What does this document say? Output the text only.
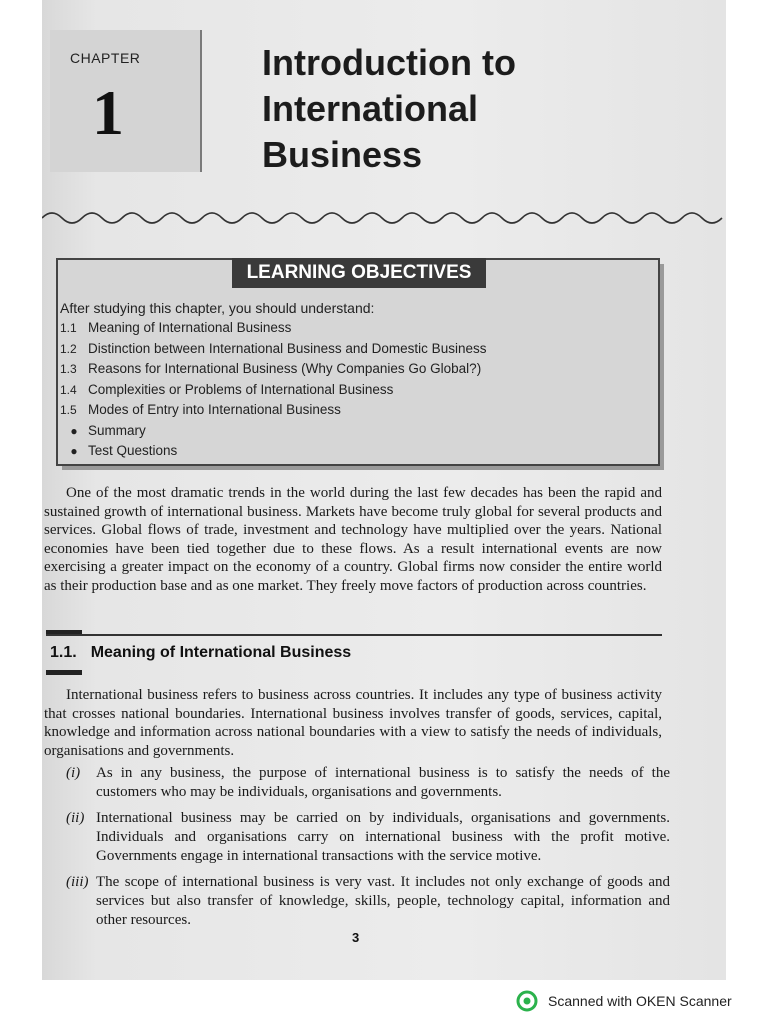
CHAPTER
1
Introduction to
International
Business
LEARNING OBJECTIVES
After studying this chapter, you should understand:
1.1 Meaning of International Business
1.2 Distinction between International Business and Domestic Business
1.3 Reasons for International Business (Why Companies Go Global?)
1.4 Complexities or Problems of International Business
1.5 Modes of Entry into International Business
● Summary
● Test Questions

One of the most dramatic trends in the world during the last few decades has been the rapid and sustained growth of international business. Markets have become truly global for several products and services. Global flows of trade, investment and technology have multiplied over the years. National economies have been tied together due to these flows. As a result international events are now exercising a greater impact on the economy of a country. Global firms now consider the entire world as their production base and as one market. They freely move factors of production across countries.

1.1. Meaning of International Business

International business refers to business across countries. It includes any type of business activity that crosses national boundaries. International business involves transfer of goods, services, capital, knowledge and information across national boundaries with a view to satisfy the needs of individuals, organisations and governments.

(i) As in any business, the purpose of international business is to satisfy the needs of the customers who may be individuals, organisations and governments.
(ii) International business may be carried on by individuals, organisations and governments. Individuals and organisations carry on international business with the profit motive. Governments engage in international transactions with the service motive.
(iii) The scope of international business is very vast. It includes not only exchange of goods and services but also transfer of knowledge, skills, people, technology capital, information and other resources.
3
Scanned with OKEN Scanner
